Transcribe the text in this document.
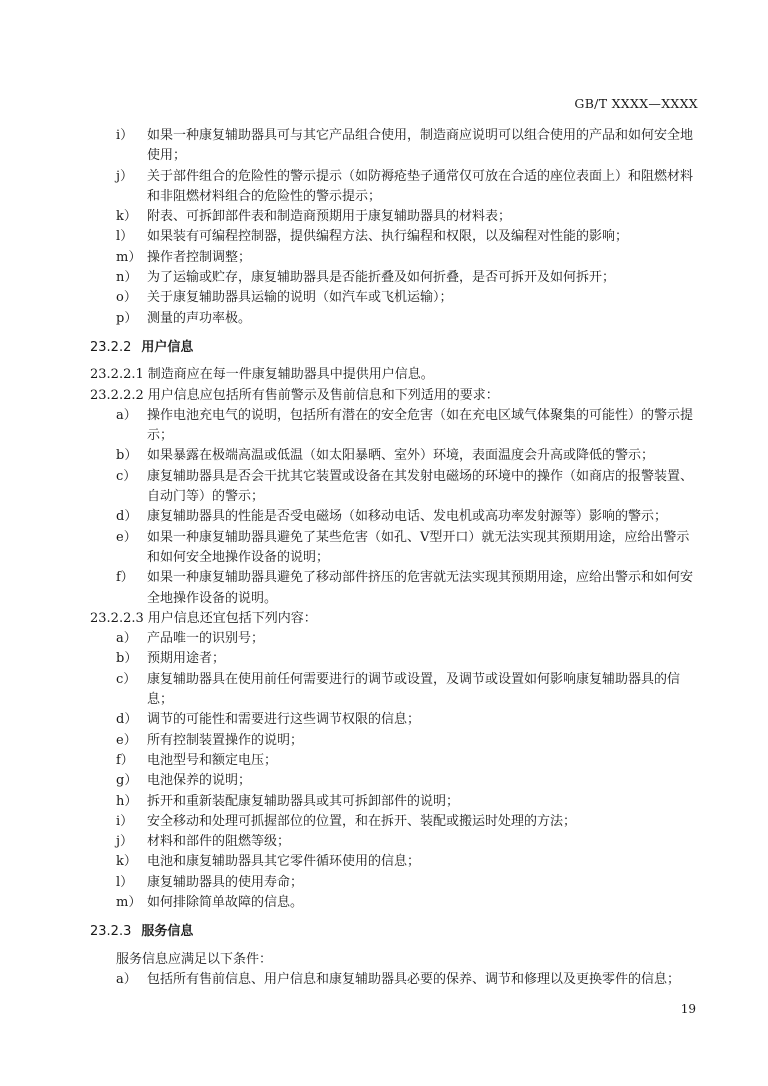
GB/T XXXX—XXXX
i）	如果一种康复辅助器具可与其它产品组合使用，制造商应说明可以组合使用的产品和如何安全地使用；
j）	关于部件组合的危险性的警示提示（如防褥疮垫子通常仅可放在合适的座位表面上）和阻燃材料和非阻燃材料组合的危险性的警示提示；
k） 附表、可拆卸部件表和制造商预期用于康复辅助器具的材料表；
l）	如果装有可编程控制器，提供编程方法、执行编程和权限，以及编程对性能的影响；
m） 操作者控制调整；
n） 为了运输或贮存，康复辅助器具是否能折叠及如何折叠，是否可拆开及如何拆开；
o） 关于康复辅助器具运输的说明（如汽车或飞机运输）；
p） 测量的声功率极。
23.2.2 用户信息
23.2.2.1 制造商应在每一件康复辅助器具中提供用户信息。
23.2.2.2 用户信息应包括所有售前警示及售前信息和下列适用的要求：
a） 操作电池充电气的说明，包括所有潜在的安全危害（如在充电区域气体聚集的可能性）的警示提示；
b） 如果暴露在极端高温或低温（如太阳暴晒、室外）环境，表面温度会升高或降低的警示；
c） 康复辅助器具是否会干扰其它装置或设备在其发射电磁场的环境中的操作（如商店的报警装置、自动门等）的警示；
d） 康复辅助器具的性能是否受电磁场（如移动电话、发电机或高功率发射源等）影响的警示；
e） 如果一种康复辅助器具避免了某些危害（如孔、V型开口）就无法实现其预期用途，应给出警示和如何安全地操作设备的说明；
f）	如果一种康复辅助器具避免了移动部件挤压的危害就无法实现其预期用途，应给出警示和如何安全地操作设备的说明。
23.2.2.3 用户信息还宜包括下列内容：
a） 产品唯一的识别号；
b） 预期用途者；
c） 康复辅助器具在使用前任何需要进行的调节或设置，及调节或设置如何影响康复辅助器具的信息；
d） 调节的可能性和需要进行这些调节权限的信息；
e） 所有控制装置操作的说明；
f）	电池型号和额定电压；
g） 电池保养的说明；
h） 拆开和重新装配康复辅助器具或其可拆卸部件的说明；
i）	安全移动和处理可抓握部位的位置，和在拆开、装配或搬运时处理的方法；
j）	材料和部件的阻燃等级；
k） 电池和康复辅助器具其它零件循环使用的信息；
l）	康复辅助器具的使用寿命；
m） 如何排除简单故障的信息。
23.2.3 服务信息
服务信息应满足以下条件：
a） 包括所有售前信息、用户信息和康复辅助器具必要的保养、调节和修理以及更换零件的信息；
19
